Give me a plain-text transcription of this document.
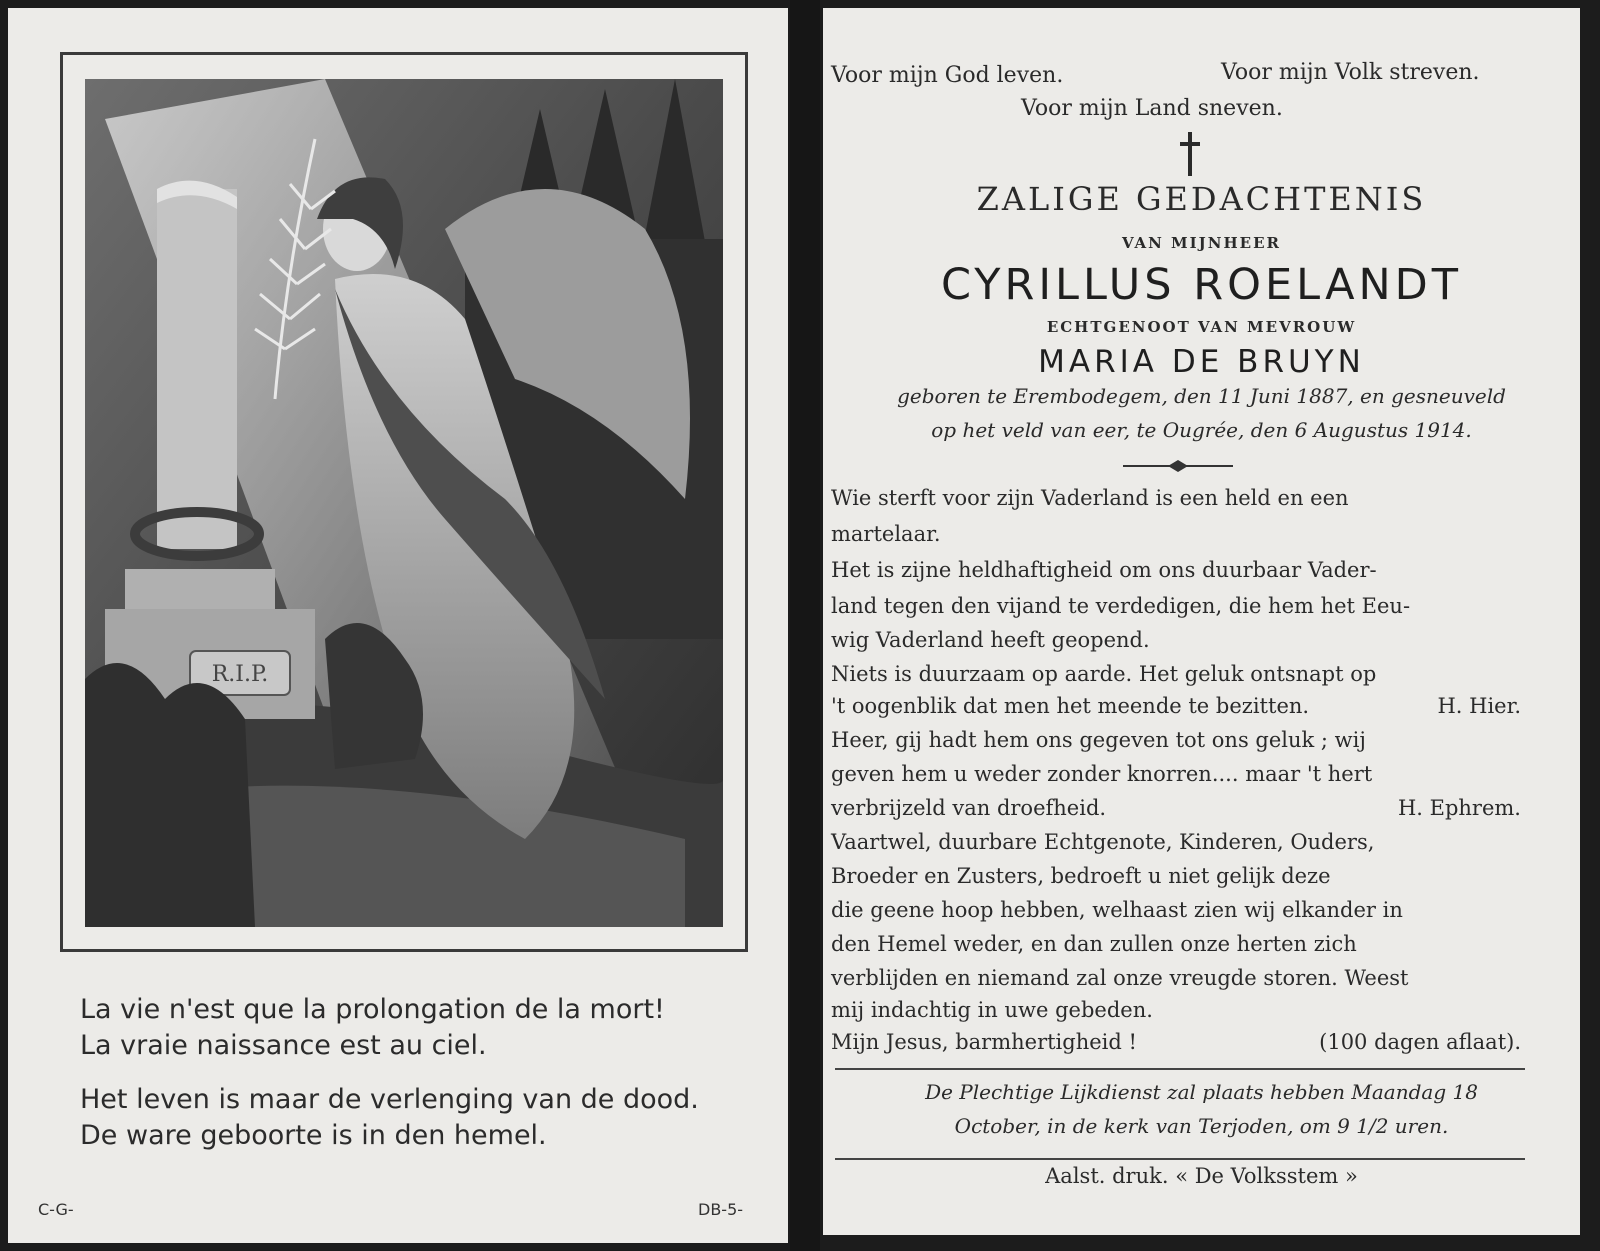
R.I.P.

La vie n'est que la prolongation de la mort!

La vraie naissance est au ciel.

Het leven is maar de verlenging van de dood.

De ware geboorte is in den hemel.

C-G-	DB-5-

Voor mijn God leven.	Voor mijn Volk streven.

Voor mijn Land sneven.

ZALIGE GEDACHTENIS

VAN MIJNHEER

CYRILLUS ROELANDT

ECHTGENOOT VAN MEVROUW

MARIA DE BRUYN

geboren te Erembodegem, den 11 Juni 1887, en gesneuveld

op het veld van eer, te Ougrée, den 6 Augustus 1914.

Wie sterft voor zijn Vaderland is een held en een

martelaar.

Het is zijne heldhaftigheid om ons duurbaar Vader-

land tegen den vijand te verdedigen, die hem het Eeu-

wig Vaderland heeft geopend.

Niets is duurzaam op aarde. Het geluk ontsnapt op

't oogenblik dat men het meende te bezitten.	H. Hier.

Heer, gij hadt hem ons gegeven tot ons geluk ; wij

geven hem u weder zonder knorren.... maar 't hert

verbrijzeld van droefheid.	H. Ephrem.

Vaartwel, duurbare Echtgenote, Kinderen, Ouders,

Broeder en Zusters, bedroeft u niet gelijk deze

die geene hoop hebben, welhaast zien wij elkander in

den Hemel weder, en dan zullen onze herten zich

verblijden en niemand zal onze vreugde storen. Weest

mij indachtig in uwe gebeden.

Mijn Jesus, barmhertigheid !	(100 dagen aflaat).

De Plechtige Lijkdienst zal plaats hebben Maandag 18

October, in de kerk van Terjoden, om 9 1/2 uren.

Aalst. druk. « De Volksstem »
